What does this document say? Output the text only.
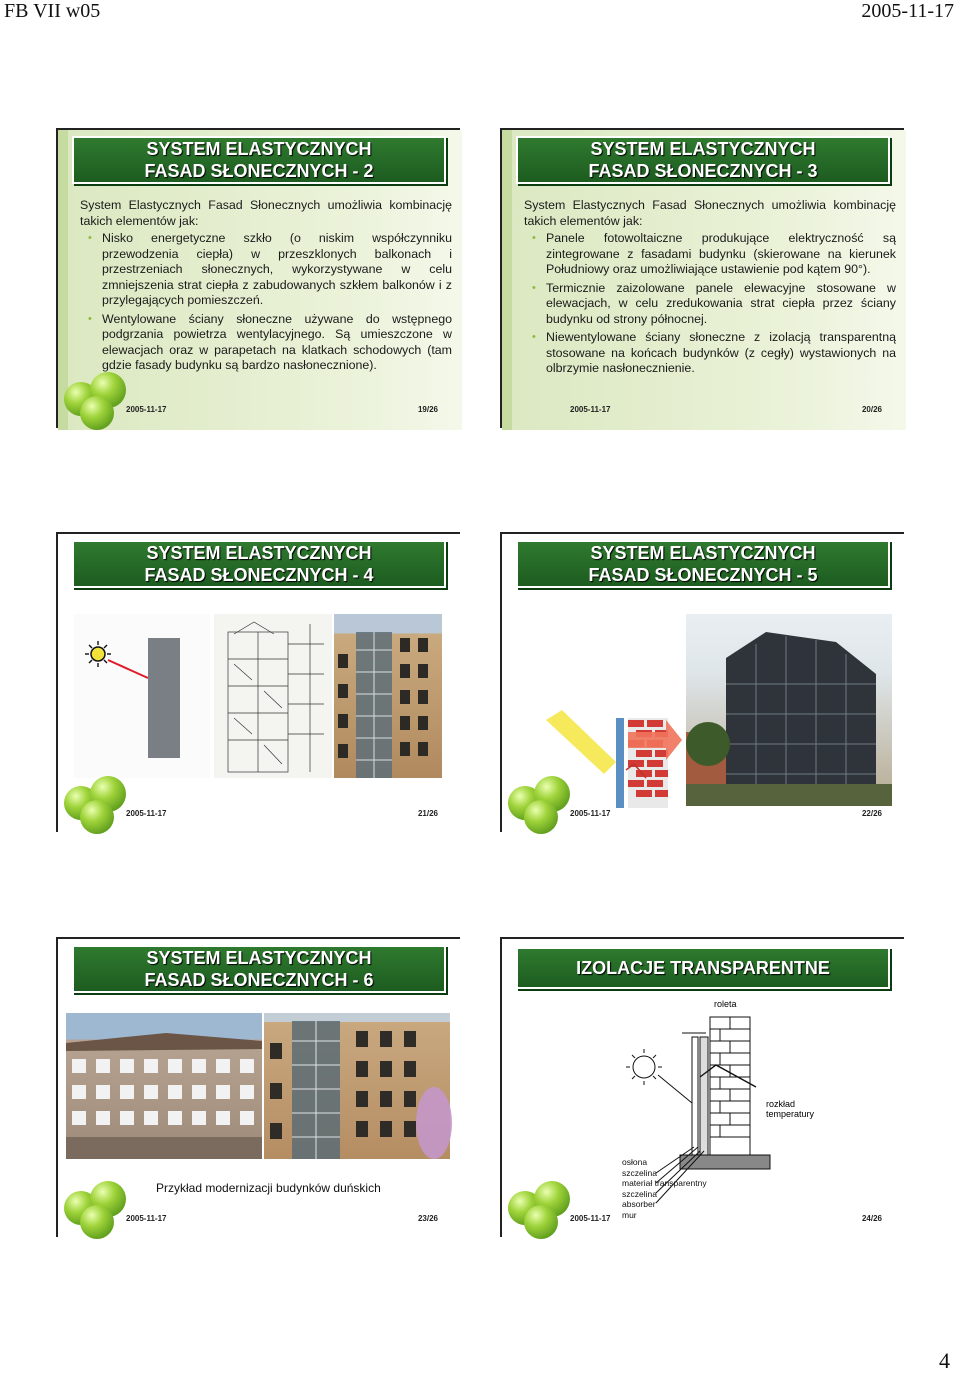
FB VII w05	2005-11-17
SYSTEM ELASTYCZNYCH
FASAD SŁONECZNYCH - 2

System Elastycznych Fasad Słonecznych umożliwia kombinację takich elementów jak:

• Nisko energetyczne szkło (o niskim współczynniku przewodzenia ciepła) w przeszklonych balkonach i przestrzeniach słonecznych, wykorzystywane w celu zmniejszenia strat ciepła z zabudowanych szkłem balkonów i z przylegających pomieszczeń.
• Wentylowane ściany słoneczne używane do wstępnego podgrzania powietrza wentylacyjnego. Są umieszczone w elewacjach oraz w parapetach na klatkach schodowych (tam gdzie fasady budynku są bardzo nasłonecznione).
2005-11-17	19/26
SYSTEM ELASTYCZNYCH
FASAD SŁONECZNYCH - 3

System Elastycznych Fasad Słonecznych umożliwia kombinację takich elementów jak:

• Panele fotowoltaiczne produkujące elektryczność są zintegrowane z fasadami budynku (skierowane na kierunek Południowy oraz umożliwiające ustawienie pod kątem 90°).
• Termicznie zaizolowane panele elewacyjne stosowane w elewacjach, w celu zredukowania strat ciepła przez ściany budynku od strony północnej.
• Niewentylowane ściany słoneczne z izolacją transparentną stosowane na końcach budynków (z cegły) wystawionych na olbrzymie nasłonecznienie.
2005-11-17	20/26
SYSTEM ELASTYCZNYCH
FASAD SŁONECZNYCH - 4
2005-11-17	21/26
SYSTEM ELASTYCZNYCH
FASAD SŁONECZNYCH - 5
2005-11-17	22/26
SYSTEM ELASTYCZNYCH
FASAD SŁONECZNYCH - 6
Przykład modernizacji budynków duńskich
2005-11-17	23/26
IZOLACJE TRANSPARENTNE
roleta
rozkład
temperatury
osłona
szczelina
materiał transparentny
szczelina
absorber
mur
2005-11-17	24/26
4
